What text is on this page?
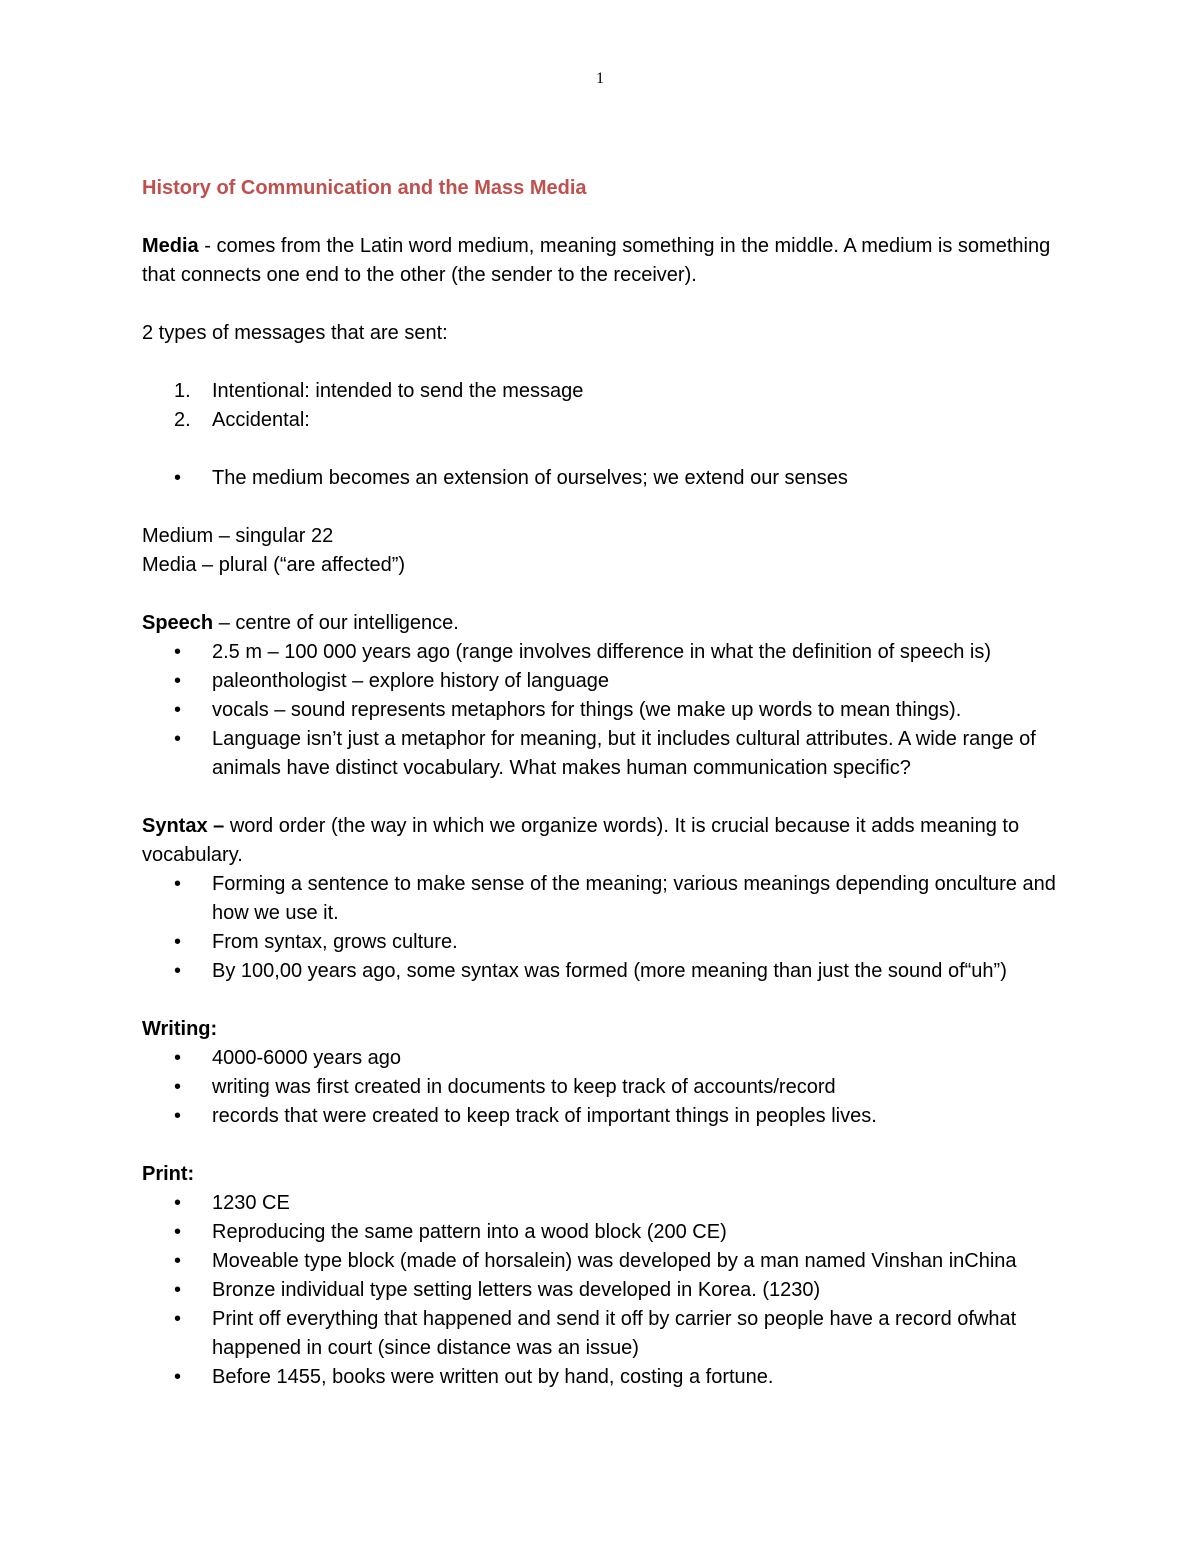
1
History of Communication and the Mass Media

Media - comes from the Latin word medium, meaning something in the middle. A medium is something that connects one end to the other (the sender to the receiver).

2 types of messages that are sent:

1. Intentional: intended to send the message
2. Accidental:
• The medium becomes an extension of ourselves; we extend our senses

Medium – singular 22

Media – plural (“are affected”)

Speech – centre of our intelligence.

• 2.5 m – 100 000 years ago (range involves difference in what the definition of speech is)
• paleonthologist – explore history of language
• vocals – sound represents metaphors for things (we make up words to mean things).
• Language isn’t just a metaphor for meaning, but it includes cultural attributes. A wide range of animals have distinct vocabulary. What makes human communication specific?

Syntax – word order (the way in which we organize words). It is crucial because it adds meaning to vocabulary.

• Forming a sentence to make sense of the meaning; various meanings depending onculture and how we use it.
• From syntax, grows culture.
• By 100,00 years ago, some syntax was formed (more meaning than just the sound of“uh”)

Writing:

• 4000-6000 years ago
• writing was first created in documents to keep track of accounts/record
• records that were created to keep track of important things in peoples lives.

Print:

• 1230 CE
• Reproducing the same pattern into a wood block (200 CE)
• Moveable type block (made of horsalein) was developed by a man named Vinshan inChina
• Bronze individual type setting letters was developed in Korea. (1230)
• Print off everything that happened and send it off by carrier so people have a record ofwhat happened in court (since distance was an issue)
• Before 1455, books were written out by hand, costing a fortune.
